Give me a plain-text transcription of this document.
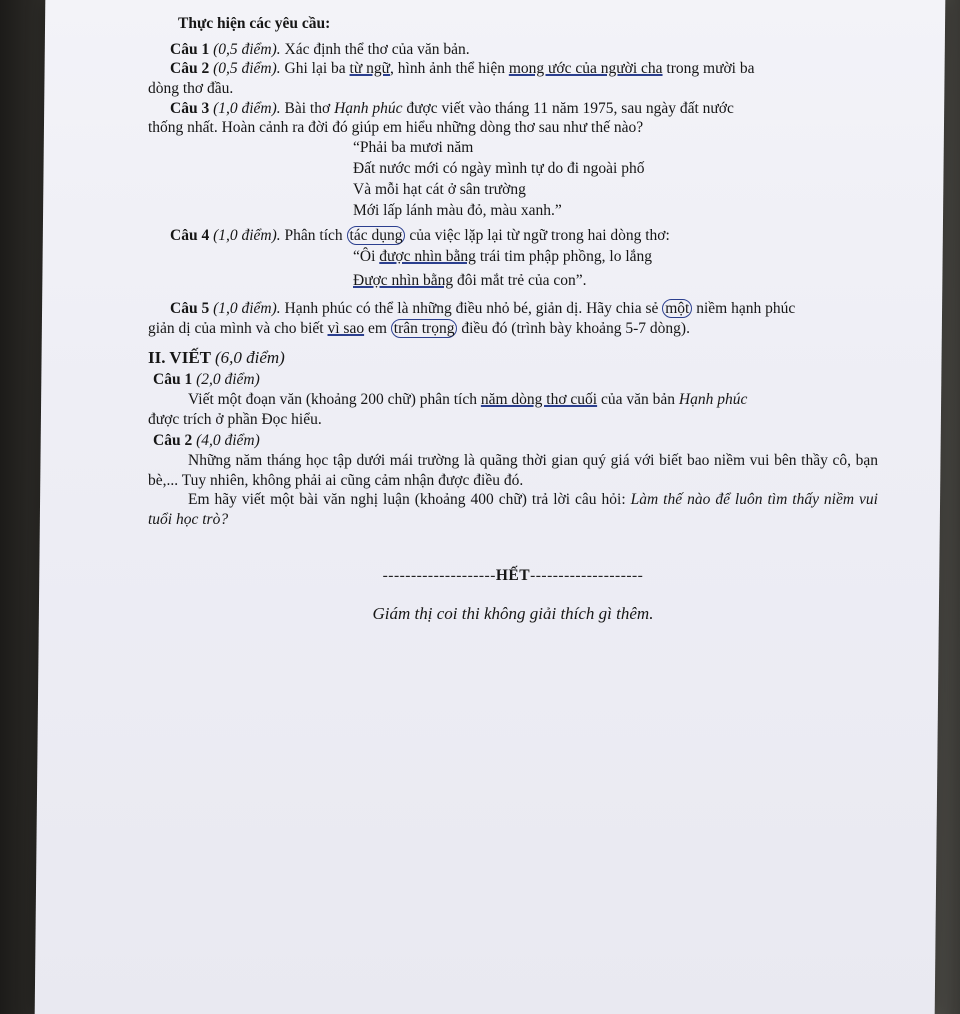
Thực hiện các yêu cầu:

Câu 1 (0,5 điểm). Xác định thể thơ của văn bản.

Câu 2 (0,5 điểm). Ghi lại ba từ ngữ, hình ảnh thể hiện mong ước của người cha trong mười ba

dòng thơ đầu.

Câu 3 (1,0 điểm). Bài thơ Hạnh phúc được viết vào tháng 11 năm 1975, sau ngày đất nước

thống nhất. Hoàn cảnh ra đời đó giúp em hiểu những dòng thơ sau như thế nào?

“Phải ba mươi năm

Đất nước mới có ngày mình tự do đi ngoài phố

Và mỗi hạt cát ở sân trường

Mới lấp lánh màu đỏ, màu xanh.”

Câu 4 (1,0 điểm). Phân tích tác dụng của việc lặp lại từ ngữ trong hai dòng thơ:

“Ôi được nhìn bằng trái tim phập phồng, lo lắng

Được nhìn bằng đôi mắt trẻ của con”.

Câu 5 (1,0 điểm). Hạnh phúc có thể là những điều nhỏ bé, giản dị. Hãy chia sẻ một niềm hạnh phúc

giản dị của mình và cho biết vì sao em trân trọng điều đó (trình bày khoảng 5-7 dòng).

II. VIẾT (6,0 điểm)

Câu 1 (2,0 điểm)

Viết một đoạn văn (khoảng 200 chữ) phân tích năm dòng thơ cuối của văn bản Hạnh phúc

được trích ở phần Đọc hiểu.

Câu 2 (4,0 điểm)

Những năm tháng học tập dưới mái trường là quãng thời gian quý giá với biết bao niềm vui bên thầy cô, bạn bè,... Tuy nhiên, không phải ai cũng cảm nhận được điều đó.

Em hãy viết một bài văn nghị luận (khoảng 400 chữ) trả lời câu hỏi: Làm thế nào để luôn tìm thấy niềm vui tuổi học trò?

--------------------HẾT--------------------

Giám thị coi thi không giải thích gì thêm.
